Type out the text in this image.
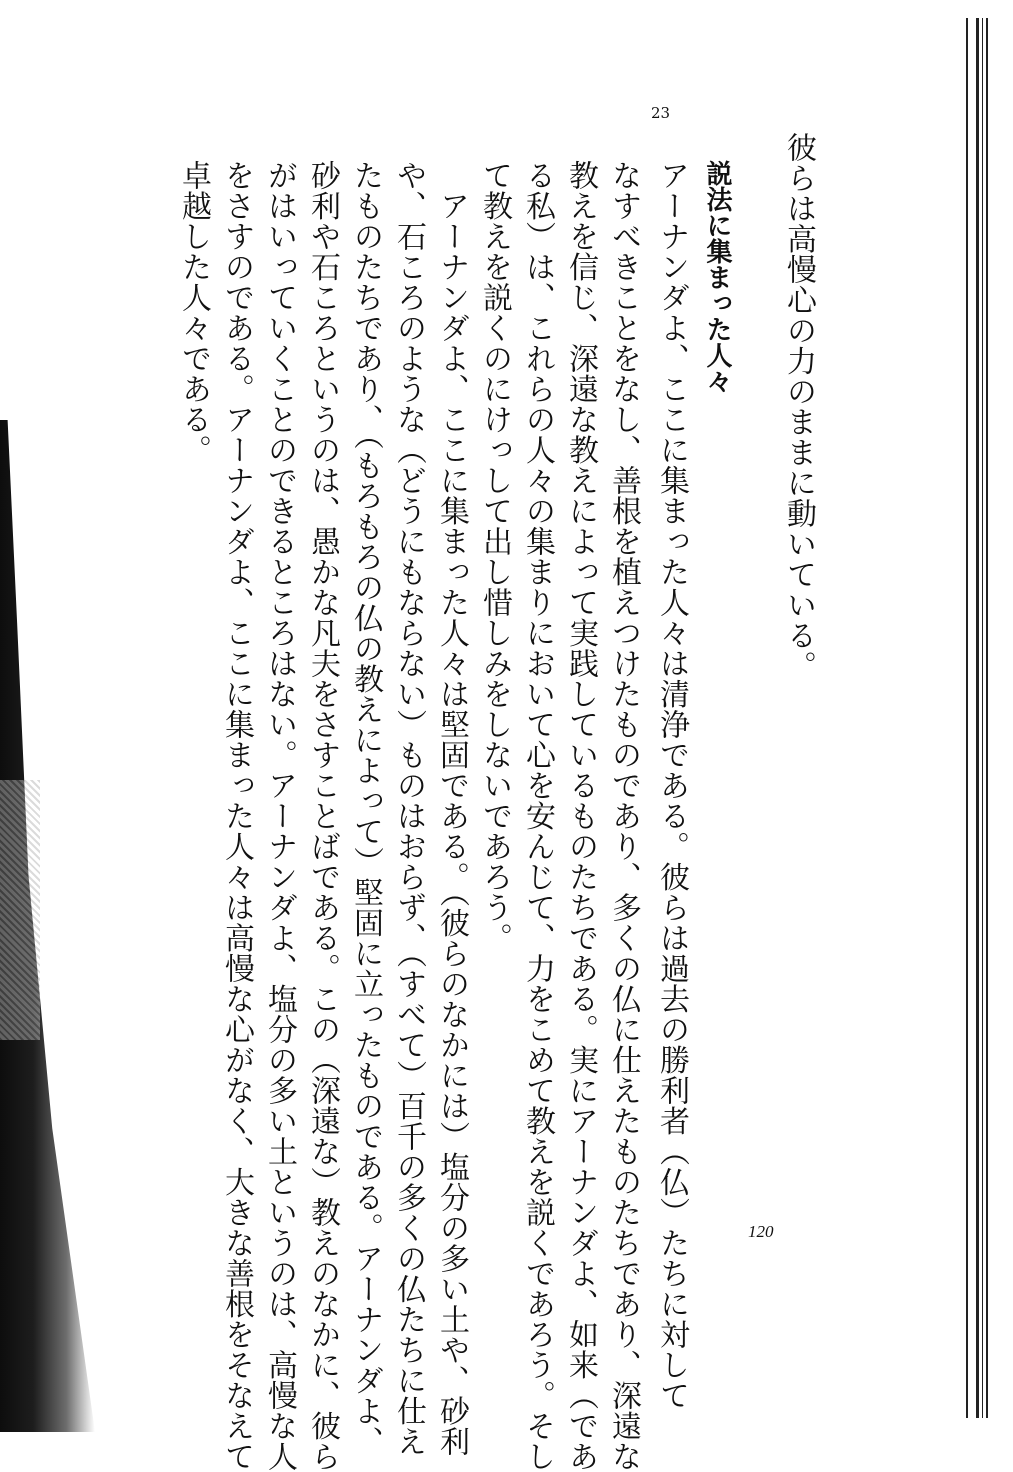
彼らは高慢心の力のままに動いている。
23
説法に集まった人々
アーナンダよ、ここに集まった人々は清浄である。彼らは過去の勝利者（仏）たちに対して
なすべきことをなし、善根を植えつけたものであり、多くの仏に仕えたものたちであり、深遠な
教えを信じ、深遠な教えによって実践しているものたちである。実にアーナンダよ、如来（であ
る私）は、これらの人々の集まりにおいて心を安んじて、力をこめて教えを説くであろう。そし
て教えを説くのにけっして出し惜しみをしないであろう。
　アーナンダよ、ここに集まった人々は堅固である。（彼らのなかには）塩分の多い土や、砂利
や、石ころのような（どうにもならない）ものはおらず、（すべて）百千の多くの仏たちに仕え
たものたちであり、（もろもろの仏の教えによって）堅固に立ったものである。アーナンダよ、
砂利や石ころというのは、愚かな凡夫をさすことばである。この（深遠な）教えのなかに、彼ら
がはいっていくことのできるところはない。アーナンダよ、塩分の多い土というのは、高慢な人
をさすのである。アーナンダよ、ここに集まった人々は高慢な心がなく、大きな善根をそなえて
卓越した人々である。
120
